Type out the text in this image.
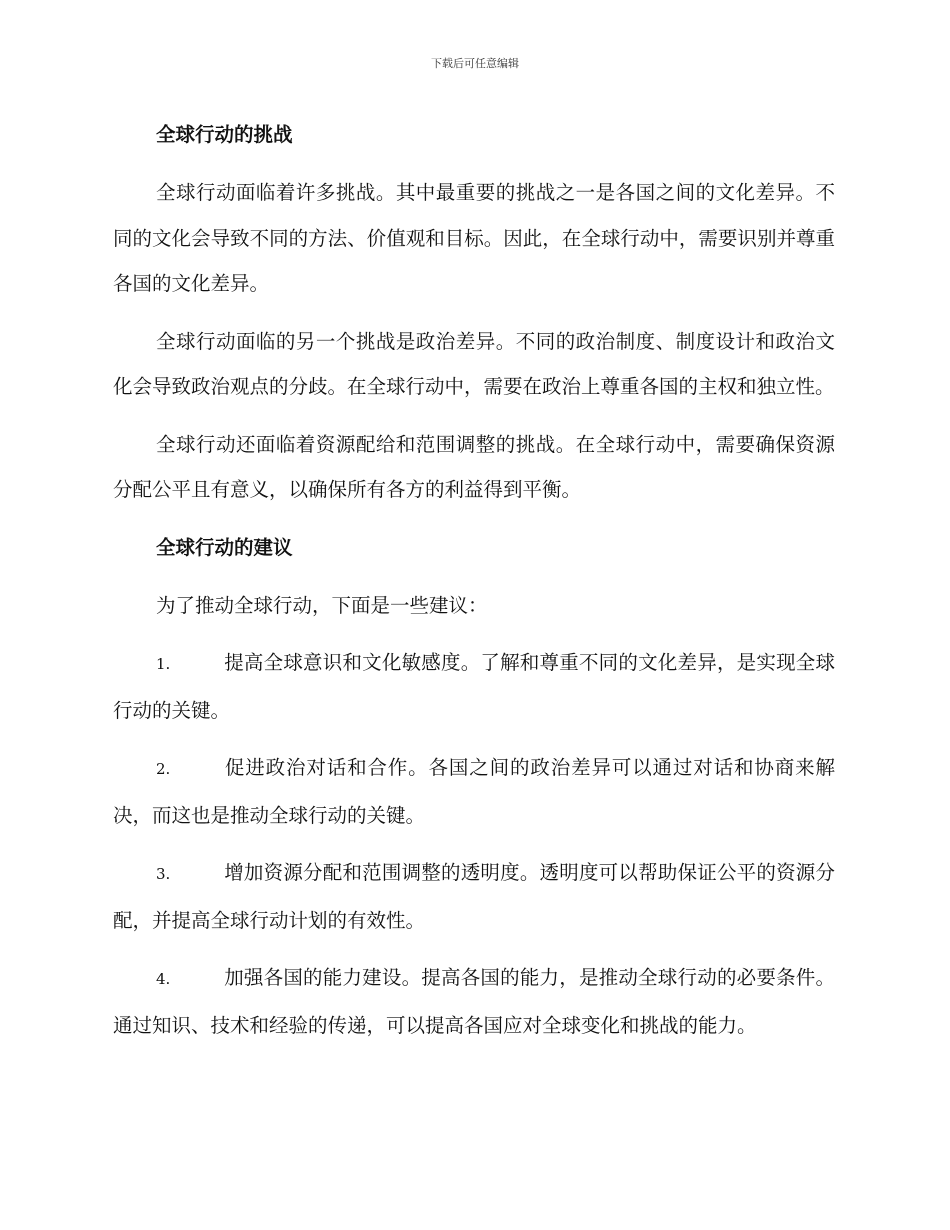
下载后可任意编辑
全球行动的挑战

全球行动面临着许多挑战。其中最重要的挑战之一是各国之间的文化差异。不同的文化会导致不同的方法、价值观和目标。因此，在全球行动中，需要识别并尊重各国的文化差异。

全球行动面临的另一个挑战是政治差异。不同的政治制度、制度设计和政治文化会导致政治观点的分歧。在全球行动中，需要在政治上尊重各国的主权和独立性。

全球行动还面临着资源配给和范围调整的挑战。在全球行动中，需要确保资源分配公平且有意义，以确保所有各方的利益得到平衡。

全球行动的建议

为了推动全球行动，下面是一些建议：

1.	提高全球意识和文化敏感度。了解和尊重不同的文化差异，是实现全球行动的关键。

2.	促进政治对话和合作。各国之间的政治差异可以通过对话和协商来解决，而这也是推动全球行动的关键。

3.	增加资源分配和范围调整的透明度。透明度可以帮助保证公平的资源分配，并提高全球行动计划的有效性。

4.	加强各国的能力建设。提高各国的能力，是推动全球行动的必要条件。通过知识、技术和经验的传递，可以提高各国应对全球变化和挑战的能力。
